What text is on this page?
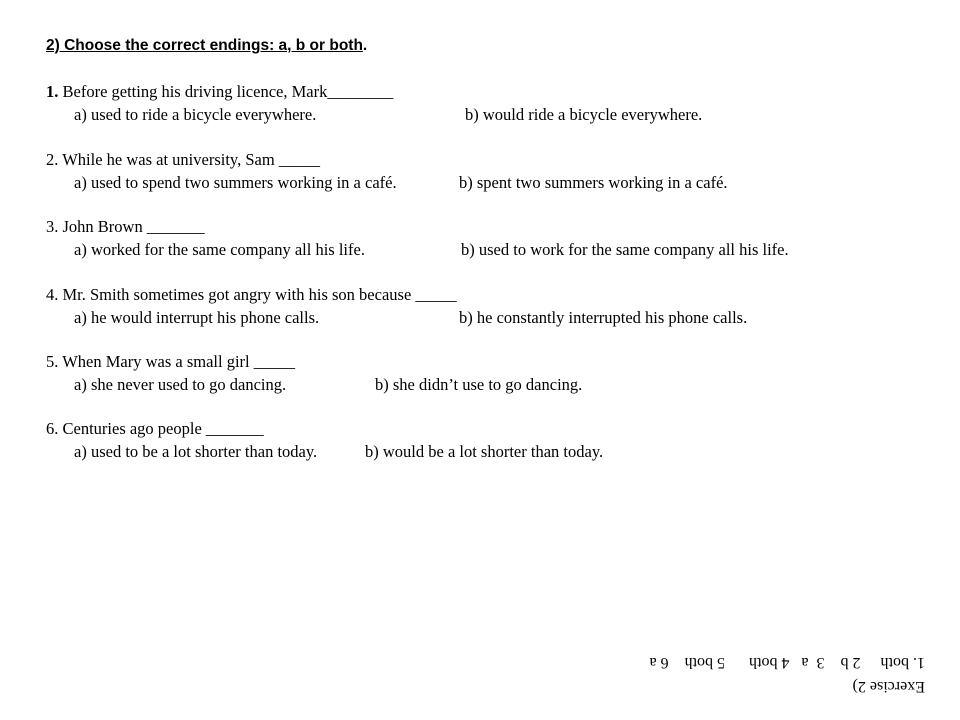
2) Choose the correct endings: a, b or both.
1. Before getting his driving licence, Mark________
a) used to ride a bicycle everywhere.	b) would ride a bicycle everywhere.
2. While he was at university, Sam _____
a) used to spend two summers working in a café.	b) spent two summers working in a café.
3. John Brown _______
a) worked for the same company all his life.	b) used to work for the same company all his life.
4. Mr. Smith sometimes got angry with his son because _____
a) he would interrupt his phone calls.	b) he constantly interrupted his phone calls.
5. When Mary was a small girl _____
a) she never used to go dancing.	b) she didn’t use to go dancing.
6. Centuries ago people _______
a) used to be a lot shorter than today.	b) would be a lot shorter than today.
Exercise 2)
1. both     2 b    3  a   4 both      5 both    6 a
